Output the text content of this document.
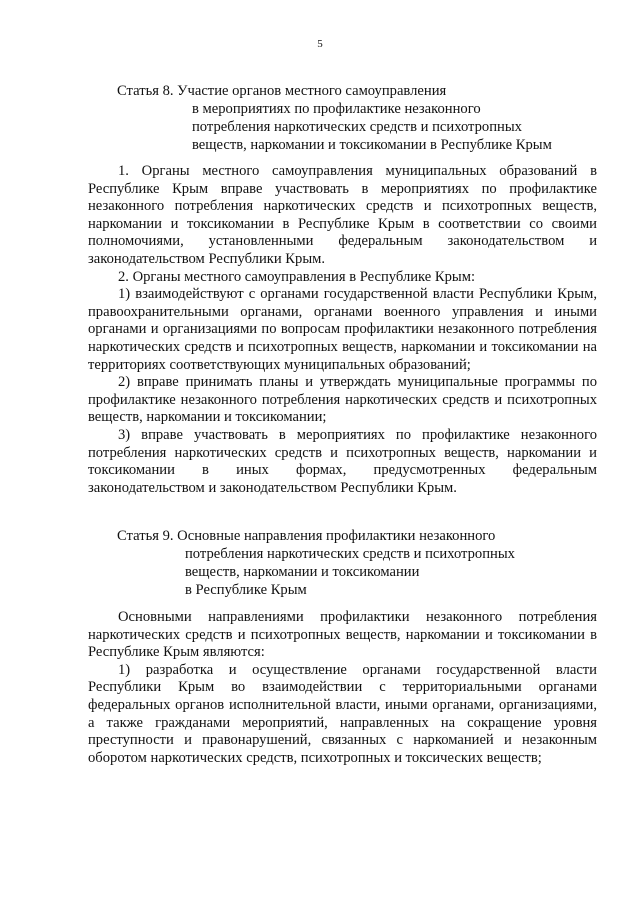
5
Статья 8. Участие органов местного самоуправления
в мероприятиях по профилактике незаконного
потребления наркотических средств и психотропных
веществ, наркомании и токсикомании в Республике Крым

1. Органы местного самоуправления муниципальных образований в Республике Крым вправе участвовать в мероприятиях по профилактике незаконного потребления наркотических средств и психотропных веществ, наркомании и токсикомании в Республике Крым в соответствии со своими полномочиями, установленными федеральным законодательством и законодательством Республики Крым.

2. Органы местного самоуправления в Республике Крым:

1) взаимодействуют с органами государственной власти Республики Крым, правоохранительными органами, органами военного управления и иными органами и организациями по вопросам профилактики незаконного потребления наркотических средств и психотропных веществ, наркомании и токсикомании на территориях соответствующих муниципальных образований;

2) вправе принимать планы и утверждать муниципальные программы по профилактике незаконного потребления наркотических средств и психотропных веществ, наркомании и токсикомании;

3) вправе участвовать в мероприятиях по профилактике незаконного потребления наркотических средств и психотропных веществ, наркомании и токсикомании в иных формах, предусмотренных федеральным законодательством и законодательством Республики Крым.

Статья 9. Основные направления профилактики незаконного
потребления наркотических средств и психотропных
веществ, наркомании и токсикомании
в Республике Крым

Основными направлениями профилактики незаконного потребления наркотических средств и психотропных веществ, наркомании и токсикомании в Республике Крым являются:

1) разработка и осуществление органами государственной власти Республики Крым во взаимодействии с территориальными органами федеральных органов исполнительной власти, иными органами, организациями, а также гражданами мероприятий, направленных на сокращение уровня преступности и правонарушений, связанных с наркоманией и незаконным оборотом наркотических средств, психотропных и токсических веществ;
